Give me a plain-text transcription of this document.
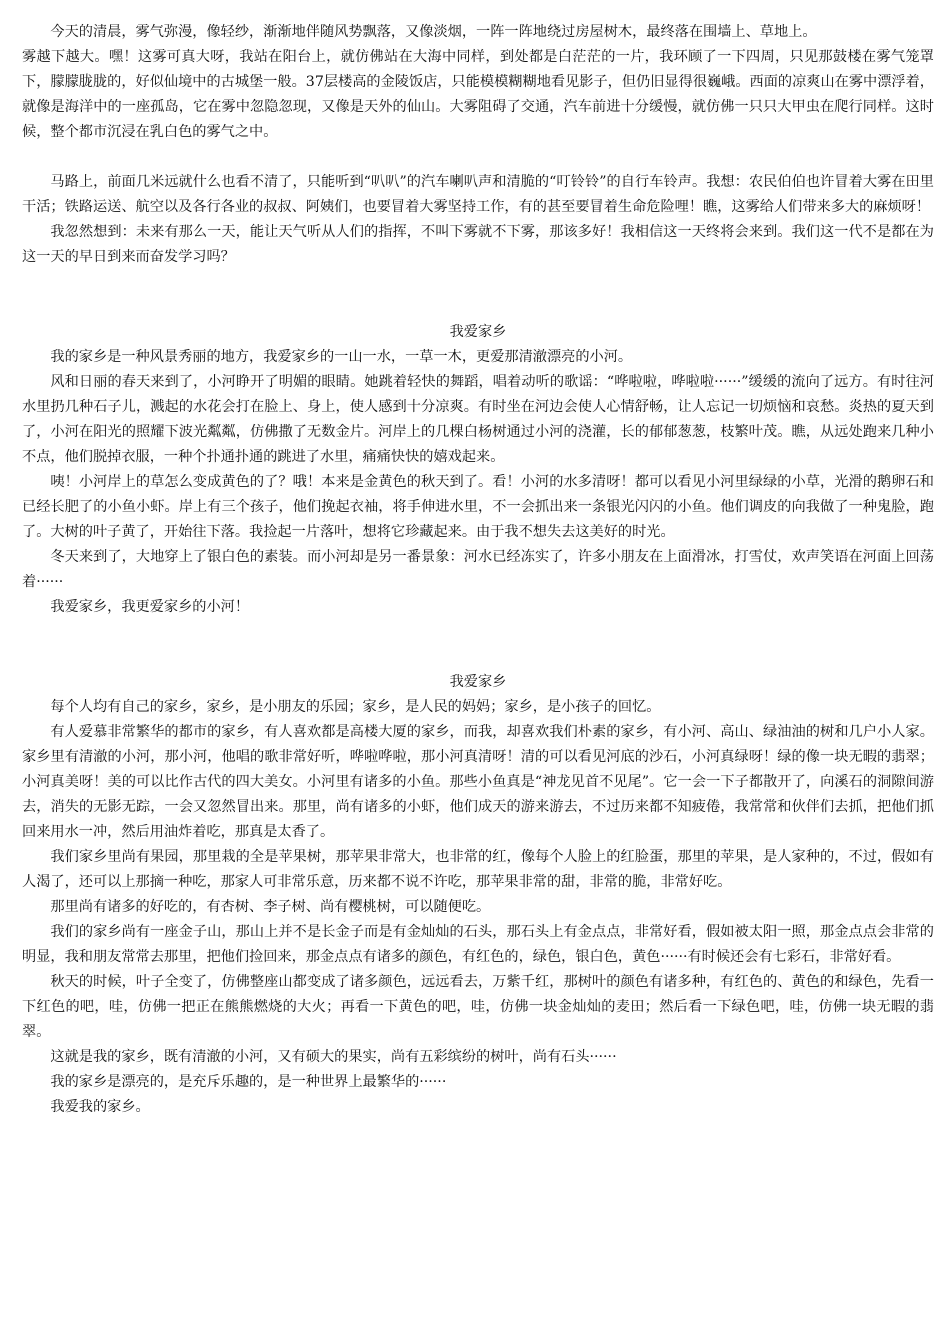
今天的清晨，雾气弥漫，像轻纱，渐渐地伴随风势飘落，又像淡烟，一阵一阵地绕过房屋树木，最终落在围墙上、草地上。

雾越下越大。嘿！这雾可真大呀，我站在阳台上，就仿佛站在大海中同样，到处都是白茫茫的一片，我环顾了一下四周，只见那鼓楼在雾气笼罩下，朦朦胧胧的，好似仙境中的古城堡一般。37层楼高的金陵饭店，只能模模糊糊地看见影子，但仍旧显得很巍峨。西面的凉爽山在雾中漂浮着，就像是海洋中的一座孤岛，它在雾中忽隐忽现，又像是天外的仙山。大雾阻碍了交通，汽车前进十分缓慢，就仿佛一只只大甲虫在爬行同样。这时候，整个都市沉浸在乳白色的雾气之中。

马路上，前面几米远就什么也看不清了，只能听到“叭叭”的汽车喇叭声和清脆的“叮铃铃”的自行车铃声。我想：农民伯伯也许冒着大雾在田里干活；铁路运送、航空以及各行各业的叔叔、阿姨们，也要冒着大雾坚持工作，有的甚至要冒着生命危险哩！瞧，这雾给人们带来多大的麻烦呀！

我忽然想到：未来有那么一天，能让天气听从人们的指挥，不叫下雾就不下雾，那该多好！我相信这一天终将会来到。我们这一代不是都在为这一天的早日到来而奋发学习吗？

我爱家乡

我的家乡是一种风景秀丽的地方，我爱家乡的一山一水，一草一木，更爱那清澈漂亮的小河。

风和日丽的春天来到了，小河睁开了明媚的眼睛。她跳着轻快的舞蹈，唱着动听的歌谣：“哗啦啦，哗啦啦······”缓缓的流向了远方。有时往河水里扔几种石子儿，溅起的水花会打在脸上、身上，使人感到十分凉爽。有时坐在河边会使人心情舒畅，让人忘记一切烦恼和哀愁。炎热的夏天到了，小河在阳光的照耀下波光粼粼，仿佛撒了无数金片。河岸上的几棵白杨树通过小河的浇灌，长的郁郁葱葱，枝繁叶茂。瞧，从远处跑来几种小不点，他们脱掉衣服，一种个扑通扑通的跳进了水里，痛痛快快的嬉戏起来。

咦！小河岸上的草怎么变成黄色的了？哦！本来是金黄色的秋天到了。看！小河的水多清呀！都可以看见小河里绿绿的小草，光滑的鹅卵石和已经长肥了的小鱼小虾。岸上有三个孩子，他们挽起衣袖，将手伸进水里，不一会抓出来一条银光闪闪的小鱼。他们调皮的向我做了一种鬼脸，跑了。大树的叶子黄了，开始往下落。我捡起一片落叶，想将它珍藏起来。由于我不想失去这美好的时光。

冬天来到了，大地穿上了银白色的素装。而小河却是另一番景象：河水已经冻实了，许多小朋友在上面滑冰，打雪仗，欢声笑语在河面上回荡着······

我爱家乡，我更爱家乡的小河！

我爱家乡

每个人均有自己的家乡，家乡，是小朋友的乐园；家乡，是人民的妈妈；家乡，是小孩子的回忆。

有人爱慕非常繁华的都市的家乡，有人喜欢都是高楼大厦的家乡，而我，却喜欢我们朴素的家乡，有小河、高山、绿油油的树和几户小人家。家乡里有清澈的小河，那小河，他唱的歌非常好听，哗啦哗啦，那小河真清呀！清的可以看见河底的沙石，小河真绿呀！绿的像一块无暇的翡翠；小河真美呀！美的可以比作古代的四大美女。小河里有诸多的小鱼。那些小鱼真是“神龙见首不见尾”。它一会一下子都散开了，向溪石的洞隙间游去，消失的无影无踪，一会又忽然冒出来。那里，尚有诸多的小虾，他们成天的游来游去，不过历来都不知疲倦，我常常和伙伴们去抓，把他们抓回来用水一冲，然后用油炸着吃，那真是太香了。

我们家乡里尚有果园，那里栽的全是苹果树，那苹果非常大，也非常的红，像每个人脸上的红脸蛋，那里的苹果，是人家种的，不过，假如有人渴了，还可以上那摘一种吃，那家人可非常乐意，历来都不说不许吃，那苹果非常的甜，非常的脆，非常好吃。

那里尚有诸多的好吃的，有杏树、李子树、尚有樱桃树，可以随便吃。

我们的家乡尚有一座金子山，那山上并不是长金子而是有金灿灿的石头，那石头上有金点点，非常好看，假如被太阳一照，那金点点会非常的明显，我和朋友常常去那里，把他们捡回来，那金点点有诸多的颜色，有红色的，绿色，银白色，黄色······有时候还会有七彩石，非常好看。

秋天的时候，叶子全变了，仿佛整座山都变成了诸多颜色，远远看去，万紫千红，那树叶的颜色有诸多种，有红色的、黄色的和绿色，先看一下红色的吧，哇，仿佛一把正在熊熊燃烧的大火；再看一下黄色的吧，哇，仿佛一块金灿灿的麦田；然后看一下绿色吧，哇，仿佛一块无暇的翡翠。

这就是我的家乡，既有清澈的小河，又有硕大的果实，尚有五彩缤纷的树叶，尚有石头······

我的家乡是漂亮的，是充斥乐趣的，是一种世界上最繁华的······

我爱我的家乡。
